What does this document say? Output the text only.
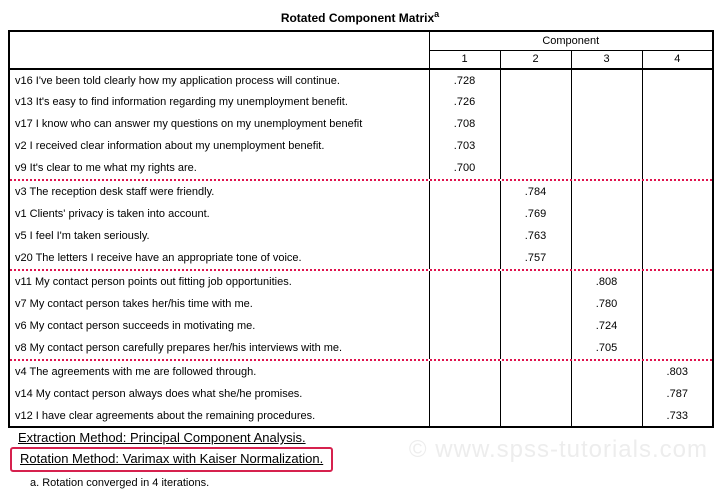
Rotated Component Matrix$^a$
	Component			
	1	2	3	4
v16 I've been told clearly how my application process will continue.	.728			
v13 It's easy to find information regarding my unemployment benefit.	.726			
v17 I know who can answer my questions on my unemployment benefit	.708			
v2 I received clear information about my unemployment benefit.	.703			
v9 It's clear to me what my rights are.	.700			

v3 The reception desk staff were friendly.		.784		
v1 Clients' privacy is taken into account.		.769		
v5 I feel I'm taken seriously.		.763		
v20 The letters I receive have an appropriate tone of voice.		.757		

v11 My contact person points out fitting job opportunities.			.808	
v7 My contact person takes her/his time with me.			.780	
v6 My contact person succeeds in motivating me.			.724	
v8 My contact person carefully prepares her/his interviews with me.			.705	

v4 The agreements with me are followed through.				.803
v14 My contact person always does what she/he promises.				.787
v12 I have clear agreements about the remaining procedures.				.733
Extraction Method: Principal Component Analysis.
Rotation Method: Varimax with Kaiser Normalization.
a. Rotation converged in 4 iterations.
© www.spss-tutorials.com
